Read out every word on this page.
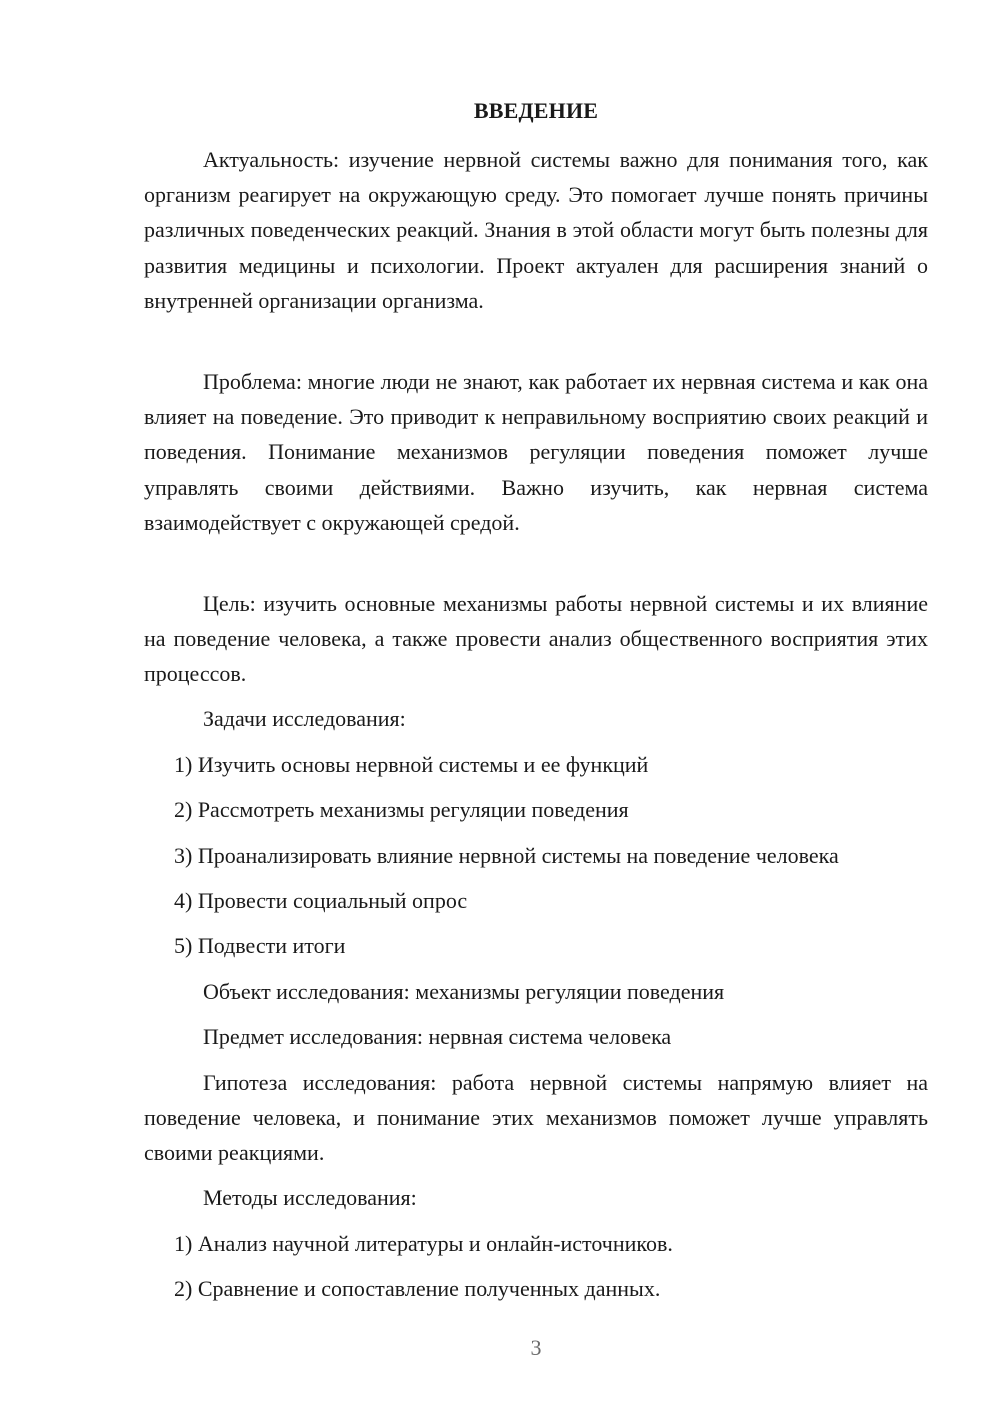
ВВЕДЕНИЕ

Актуальность: изучение нервной системы важно для понимания того, как организм реагирует на окружающую среду. Это помогает лучше понять причины различных поведенческих реакций. Знания в этой области могут быть полезны для развития медицины и психологии. Проект актуален для расширения знаний о внутренней организации организма.

Проблема: многие люди не знают, как работает их нервная система и как она влияет на поведение. Это приводит к неправильному восприятию своих реакций и поведения. Понимание механизмов регуляции поведения поможет лучше управлять своими действиями. Важно изучить, как нервная система взаимодействует с окружающей средой.

Цель: изучить основные механизмы работы нервной системы и их влияние на поведение человека, а также провести анализ общественного восприятия этих процессов.

Задачи исследования:
1) Изучить основы нервной системы и ее функций
2) Рассмотреть механизмы регуляции поведения
3) Проанализировать влияние нервной системы на поведение человека
4) Провести социальный опрос
5) Подвести итоги
Объект исследования: механизмы регуляции поведения
Предмет исследования: нервная система человека

Гипотеза исследования: работа нервной системы напрямую влияет на поведение человека, и понимание этих механизмов поможет лучше управлять своими реакциями.

Методы исследования:
1) Анализ научной литературы и онлайн-источников.
2) Сравнение и сопоставление полученных данных.
3
